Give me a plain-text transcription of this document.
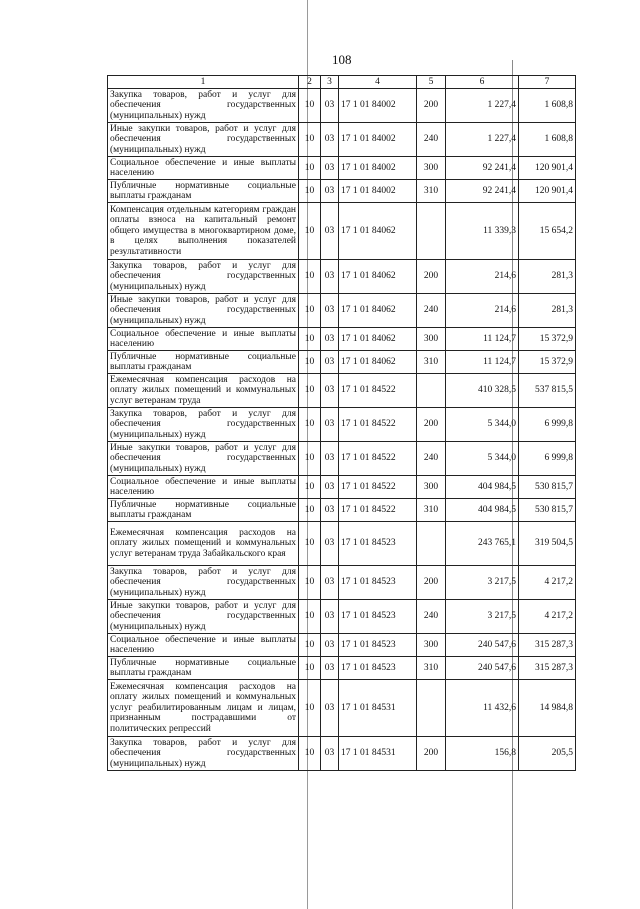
108
1	2	3	4	5	6	7
Закупка товаров, работ и услуг для обеспечения государственных (муниципальных) нужд	10	03	17 1 01 84002	200	1 227,4	1 608,8
Иные закупки товаров, работ и услуг для обеспечения государственных (муниципальных) нужд	10	03	17 1 01 84002	240	1 227,4	1 608,8
Социальное обеспечение и иные выплаты населению	10	03	17 1 01 84002	300	92 241,4	120 901,4
Публичные нормативные социальные выплаты гражданам	10	03	17 1 01 84002	310	92 241,4	120 901,4
Компенсация отдельным категориям граждан оплаты взноса на капитальный ремонт общего имущества в многоквартирном доме, в целях выполнения показателей результативности	10	03	17 1 01 84062		11 339,3	15 654,2
Закупка товаров, работ и услуг для обеспечения государственных (муниципальных) нужд	10	03	17 1 01 84062	200	214,6	281,3
Иные закупки товаров, работ и услуг для обеспечения государственных (муниципальных) нужд	10	03	17 1 01 84062	240	214,6	281,3
Социальное обеспечение и иные выплаты населению	10	03	17 1 01 84062	300	11 124,7	15 372,9
Публичные нормативные социальные выплаты гражданам	10	03	17 1 01 84062	310	11 124,7	15 372,9
Ежемесячная компенсация расходов на оплату жилых помещений и коммунальных услуг ветеранам труда	10	03	17 1 01 84522		410 328,5	537 815,5
Закупка товаров, работ и услуг для обеспечения государственных (муниципальных) нужд	10	03	17 1 01 84522	200	5 344,0	6 999,8
Иные закупки товаров, работ и услуг для обеспечения государственных (муниципальных) нужд	10	03	17 1 01 84522	240	5 344,0	6 999,8
Социальное обеспечение и иные выплаты населению	10	03	17 1 01 84522	300	404 984,5	530 815,7
Публичные нормативные социальные выплаты гражданам	10	03	17 1 01 84522	310	404 984,5	530 815,7
Ежемесячная компенсация расходов на оплату жилых помещений и коммунальных услуг ветеранам труда Забайкальского края	10	03	17 1 01 84523		243 765,1	319 504,5
Закупка товаров, работ и услуг для обеспечения государственных (муниципальных) нужд	10	03	17 1 01 84523	200	3 217,5	4 217,2
Иные закупки товаров, работ и услуг для обеспечения государственных (муниципальных) нужд	10	03	17 1 01 84523	240	3 217,5	4 217,2
Социальное обеспечение и иные выплаты населению	10	03	17 1 01 84523	300	240 547,6	315 287,3
Публичные нормативные социальные выплаты гражданам	10	03	17 1 01 84523	310	240 547,6	315 287,3
Ежемесячная компенсация расходов на оплату жилых помещений и коммунальных услуг реабилитированным лицам и лицам, признанным пострадавшими от политических репрессий	10	03	17 1 01 84531		11 432,6	14 984,8
Закупка товаров, работ и услуг для обеспечения государственных (муниципальных) нужд	10	03	17 1 01 84531	200	156,8	205,5
